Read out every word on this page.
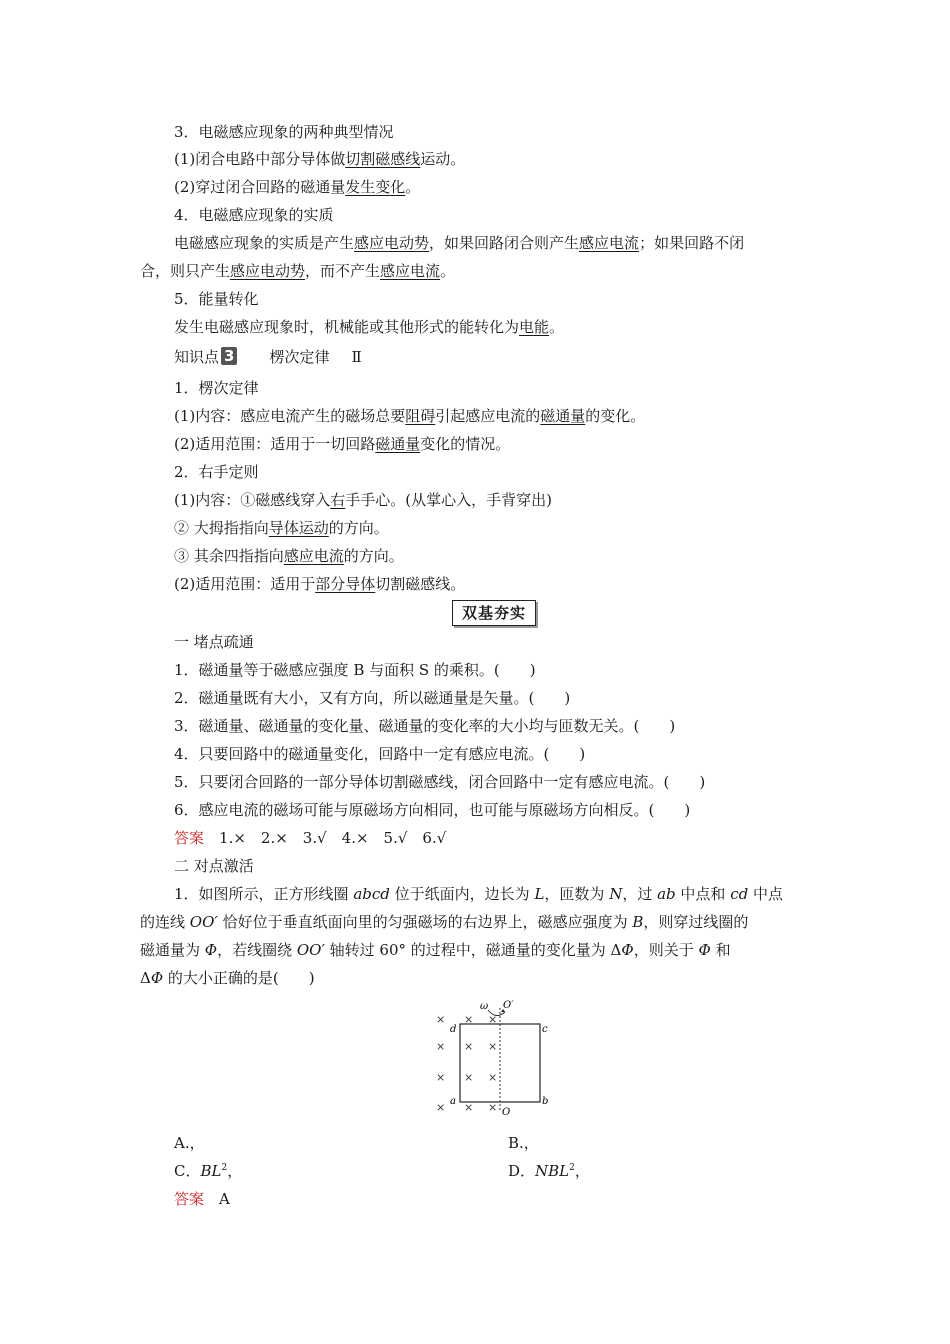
3．电磁感应现象的两种典型情况
(1)闭合电路中部分导体做切割磁感线运动。
(2)穿过闭合回路的磁通量发生变化。
4．电磁感应现象的实质
电磁感应现象的实质是产生感应电动势，如果回路闭合则产生感应电流；如果回路不闭
合，则只产生感应电动势，而不产生感应电流。
5．能量转化
发生电磁感应现象时，机械能或其他形式的能转化为电能。
知识点 3 楞次定律 Ⅱ
1．楞次定律
(1)内容：感应电流产生的磁场总要阻碍引起感应电流的磁通量的变化。
(2)适用范围：适用于一切回路磁通量变化的情况。
2．右手定则
(1)内容：①磁感线穿入右手手心。(从掌心入，手背穿出)
② 大拇指指向导体运动的方向。
③ 其余四指指向感应电流的方向。
(2)适用范围：适用于部分导体切割磁感线。
双基夯实
一 堵点疏通
1．磁通量等于磁感应强度 B 与面积 S 的乘积。(　　)
2．磁通量既有大小，又有方向，所以磁通量是矢量。(　　)
3．磁通量、磁通量的变化量、磁通量的变化率的大小均与匝数无关。(　　)
4．只要回路中的磁通量变化，回路中一定有感应电流。(　　)
5．只要闭合回路的一部分导体切割磁感线，闭合回路中一定有感应电流。(　　)
6．感应电流的磁场可能与原磁场方向相同，也可能与原磁场方向相反。(　　)
答案　 1.×　2.×　3.√　4.×　5.√　6.√
二 对点激活
1．如图所示，正方形线圈 abcd 位于纸面内，边长为 L，匝数为 N，过 ab 中点和 cd 中点
的连线 OO′ 恰好位于垂直纸面向里的匀强磁场的右边界上，磁感应强度为 B，则穿过线圈的
磁通量为 Φ，若线圈绕 OO′ 轴转过 60° 的过程中，磁通量的变化量为 ΔΦ，则关于 Φ 和
ΔΦ 的大小正确的是(　　)
ω O′
O
d	c
a	b
× × ×
× × ×
× × ×
× × ×
A.，	B.，
C．$BL^2$，	D．NBL$^2$，
答案　 A
